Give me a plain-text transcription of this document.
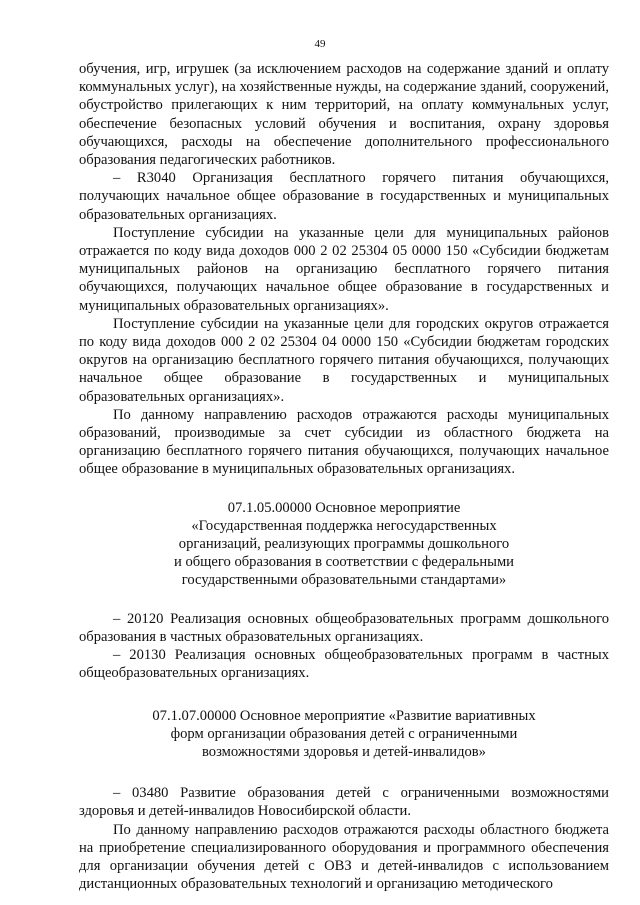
49

обучения, игр, игрушек (за исключением расходов на содержание зданий и оплату коммунальных услуг), на хозяйственные нужды, на содержание зданий, сооружений, обустройство прилегающих к ним территорий, на оплату коммунальных услуг, обеспечение безопасных условий обучения и воспитания, охрану здоровья обучающихся, расходы на обеспечение дополнительного профессионального образования педагогических работников.

– R3040 Организация бесплатного горячего питания обучающихся, получающих начальное общее образование в государственных и муниципальных образовательных организациях.

Поступление субсидии на указанные цели для муниципальных районов отражается по коду вида доходов 000 2 02 25304 05 0000 150 «Субсидии бюджетам муниципальных районов на организацию бесплатного горячего питания обучающихся, получающих начальное общее образование в государственных и муниципальных образовательных организациях».

Поступление субсидии на указанные цели для городских округов отражается по коду вида доходов 000 2 02 25304 04 0000 150 «Субсидии бюджетам городских округов на организацию бесплатного горячего питания обучающихся, получающих начальное общее образование в государственных и муниципальных образовательных организациях».

По данному направлению расходов отражаются расходы муниципальных образований, производимые за счет субсидии из областного бюджета на организацию бесплатного горячего питания обучающихся, получающих начальное общее образование в муниципальных образовательных организациях.

07.1.05.00000 Основное мероприятие
«Государственная поддержка негосударственных
организаций, реализующих программы дошкольного
и общего образования в соответствии с федеральными
государственными образовательными стандартами»

– 20120 Реализация основных общеобразовательных программ дошкольного образования в частных образовательных организациях.

– 20130 Реализация основных общеобразовательных программ в частных общеобразовательных организациях.

07.1.07.00000 Основное мероприятие «Развитие вариативных
форм организации образования детей с ограниченными
возможностями здоровья и детей-инвалидов»

– 03480 Развитие образования детей с ограниченными возможностями здоровья и детей-инвалидов Новосибирской области.

По данному направлению расходов отражаются расходы областного бюджета на приобретение специализированного оборудования и программного обеспечения для организации обучения детей с ОВЗ и детей-инвалидов с использованием дистанционных образовательных технологий и организацию методического
